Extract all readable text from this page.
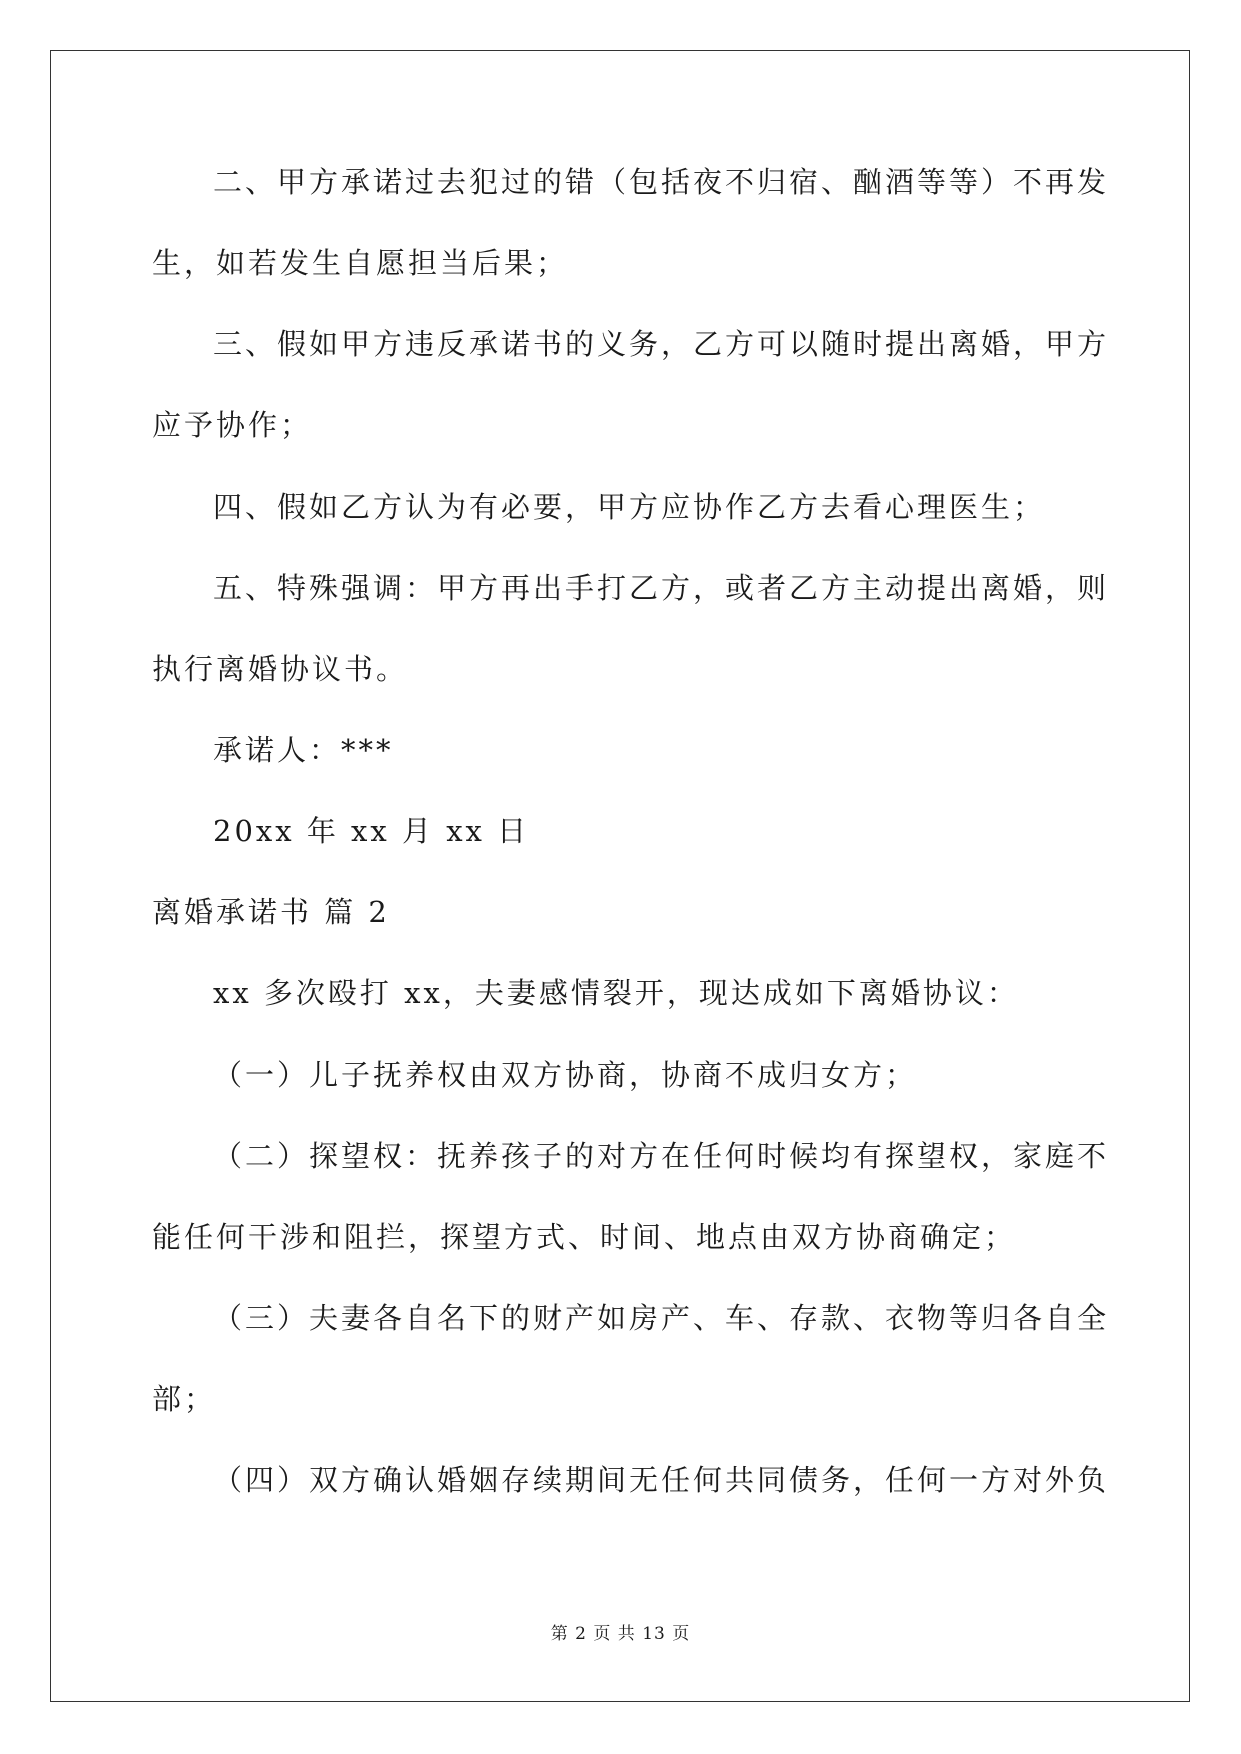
二、甲方承诺过去犯过的错（包括夜不归宿、酗酒等等）不再发
生，如若发生自愿担当后果；
三、假如甲方违反承诺书的义务，乙方可以随时提出离婚，甲方
应予协作；
四、假如乙方认为有必要，甲方应协作乙方去看心理医生；
五、特殊强调：甲方再出手打乙方，或者乙方主动提出离婚，则
执行离婚协议书。
承诺人：***
20xx 年 xx 月 xx 日
离婚承诺书 篇 2
xx 多次殴打 xx，夫妻感情裂开，现达成如下离婚协议：
（一）儿子抚养权由双方协商，协商不成归女方；
（二）探望权：抚养孩子的对方在任何时候均有探望权，家庭不
能任何干涉和阻拦，探望方式、时间、地点由双方协商确定；
（三）夫妻各自名下的财产如房产、车、存款、衣物等归各自全
部；
（四）双方确认婚姻存续期间无任何共同债务，任何一方对外负
第 2 页 共 13 页
